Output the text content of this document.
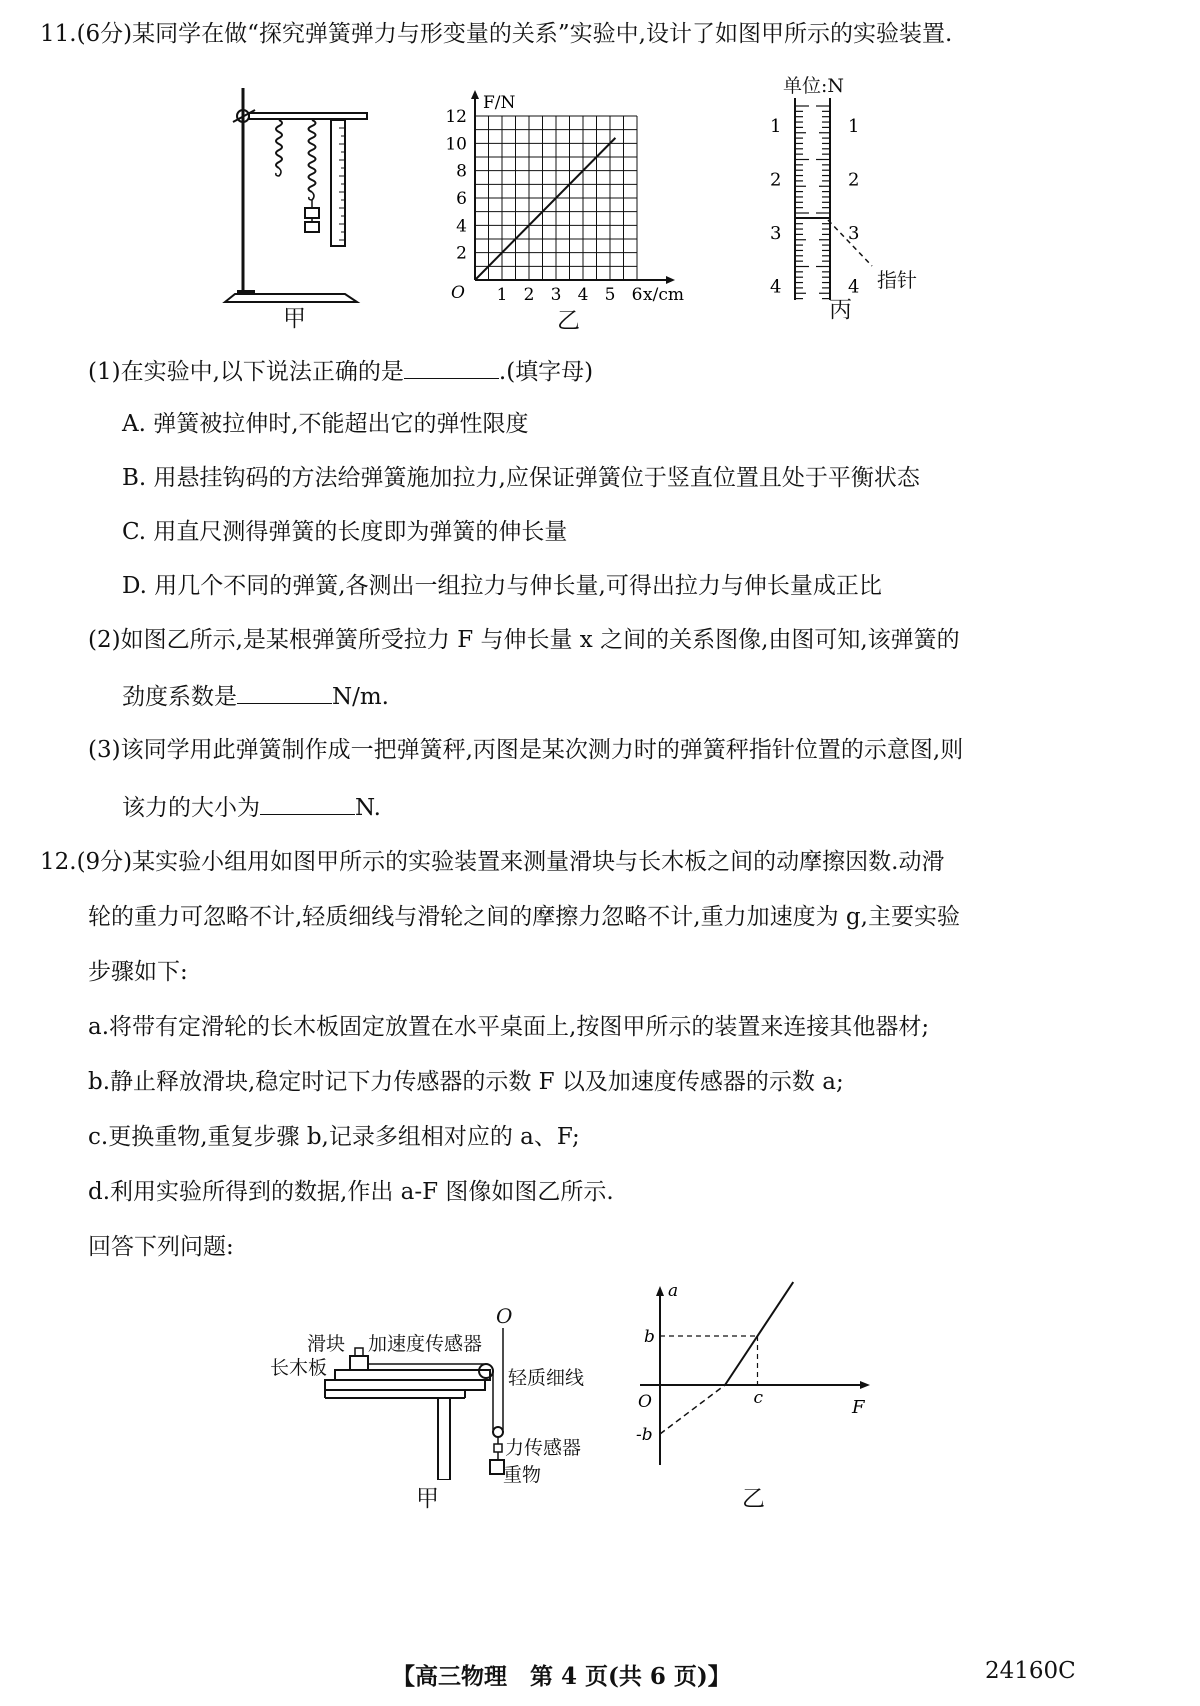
11.(6分)某同学在做“探究弹簧弹力与形变量的关系”实验中,设计了如图甲所示的实验装置.
甲
1 2 3 4 5 6
2
4
6
8
10
12
O	x/cm
F/N
乙
单位:N
1	1
2	2
3	3
4	4
丙
指针
(1)在实验中,以下说法正确的是	.(填字母)
A. 弹簧被拉伸时,不能超出它的弹性限度
B. 用悬挂钩码的方法给弹簧施加拉力,应保证弹簧位于竖直位置且处于平衡状态
C. 用直尺测得弹簧的长度即为弹簧的伸长量
D. 用几个不同的弹簧,各测出一组拉力与伸长量,可得出拉力与伸长量成正比
(2)如图乙所示,是某根弹簧所受拉力 F 与伸长量 x 之间的关系图像,由图可知,该弹簧的
劲度系数是	N/m.
(3)该同学用此弹簧制作成一把弹簧秤,丙图是某次测力时的弹簧秤指针位置的示意图,则
该力的大小为	N.
12.(9分)某实验小组用如图甲所示的实验装置来测量滑块与长木板之间的动摩擦因数.动滑
轮的重力可忽略不计,轻质细线与滑轮之间的摩擦力忽略不计,重力加速度为 g,主要实验
步骤如下:
a.将带有定滑轮的长木板固定放置在水平桌面上,按图甲所示的装置来连接其他器材;
b.静止释放滑块,稳定时记下力传感器的示数 F 以及加速度传感器的示数 a;
c.更换重物,重复步骤 b,记录多组相对应的 a、F;
d.利用实验所得到的数据,作出 a-F 图像如图乙所示.
回答下列问题:
O
滑块 加速度传感器
长木板	轻质细线
力传感器
重物
甲
a
F
O
b
-b
c
乙
【高三物理　第 4 页(共 6 页)】	24160C
